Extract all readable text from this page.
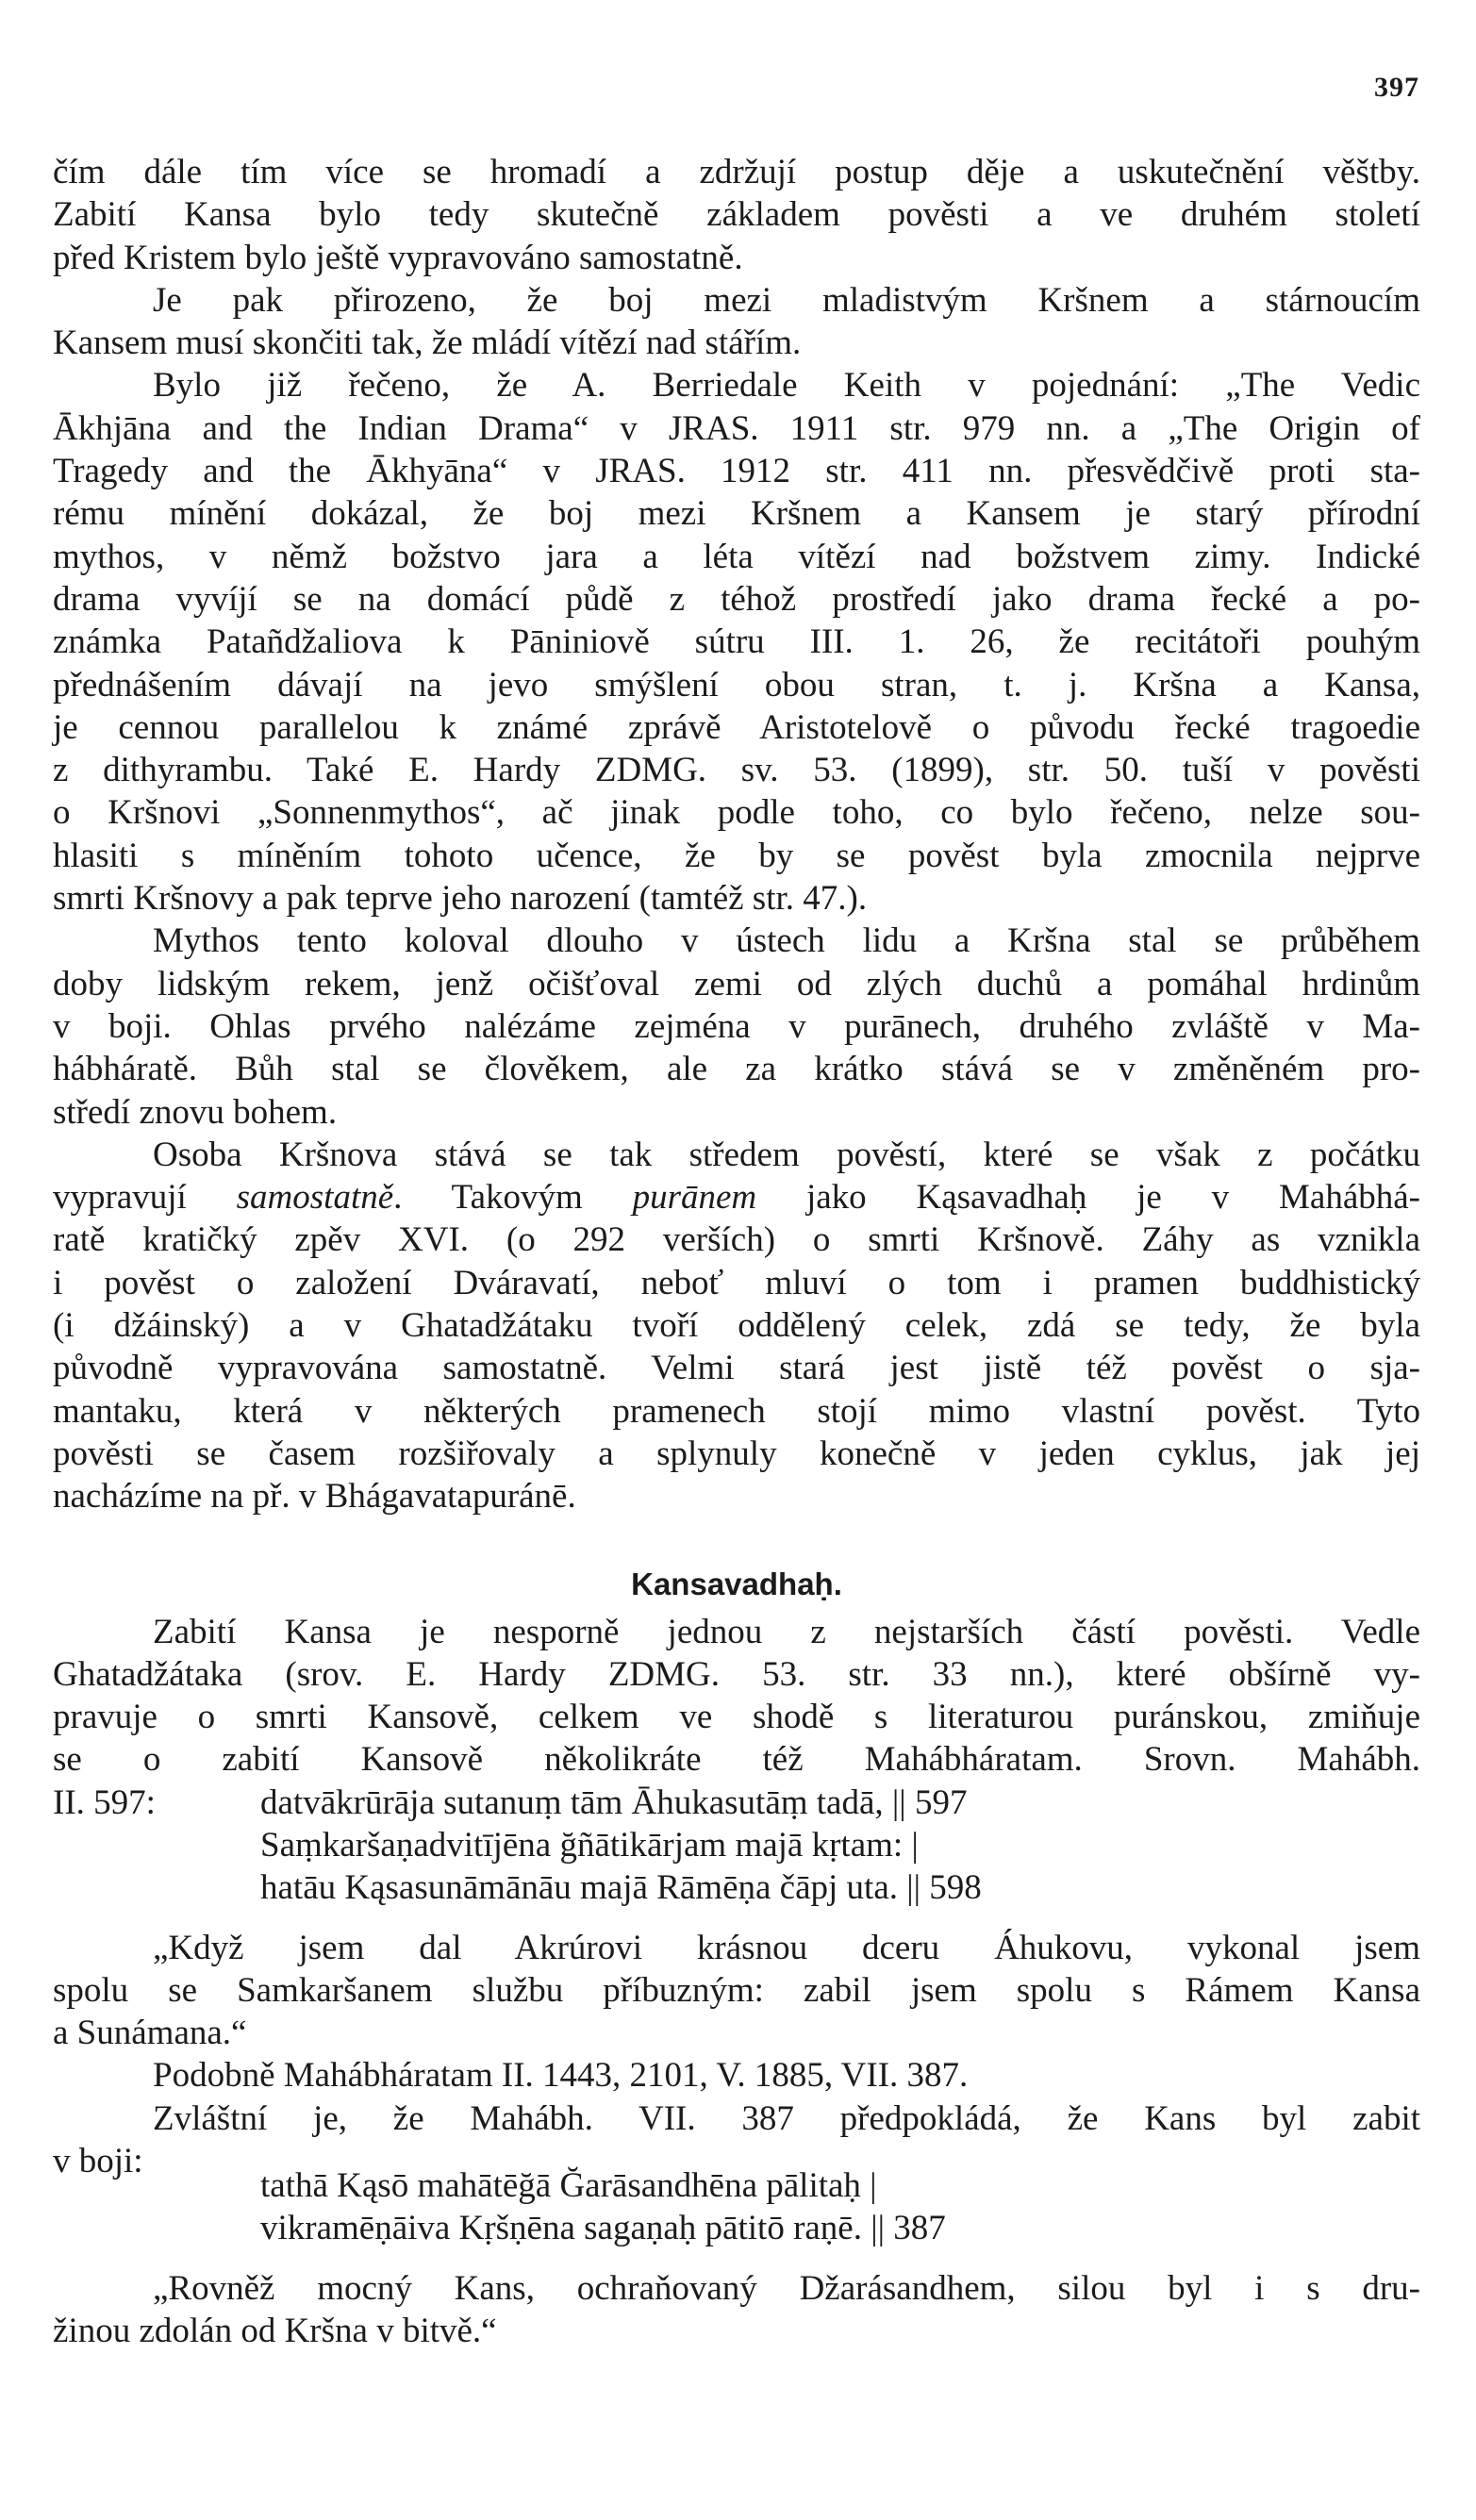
397
čím dále tím více se hromadí a zdržují postup děje a uskutečnění věštby.
Zabití Kansa bylo tedy skutečně základem pověsti a ve druhém století
před Kristem bylo ještě vypravováno samostatně.
Je pak přirozeno, že boj mezi mladistvým Kršnem a stárnoucím
Kansem musí skončiti tak, že mládí vítězí nad stářím.
Bylo již řečeno, že A. Berriedale Keith v pojednání: „The Vedic
Ākhjāna and the Indian Drama“ v JRAS. 1911 str. 979 nn. a „The Origin of
Tragedy and the Ākhyāna“ v JRAS. 1912 str. 411 nn. přesvědčivě proti sta-
rému mínění dokázal, že boj mezi Kršnem a Kansem je starý přírodní
mythos, v němž božstvo jara a léta vítězí nad božstvem zimy. Indické
drama vyvíjí se na domácí půdě z téhož prostředí jako drama řecké a po-
známka Patañdžaliova k Pāniniově sútru III. 1. 26, že recitátoři pouhým
přednášením dávají na jevo smýšlení obou stran, t. j. Kršna a Kansa,
je cennou parallelou k známé zprávě Aristotelově o původu řecké tragoedie
z dithyrambu. Také E. Hardy ZDMG. sv. 53. (1899), str. 50. tuší v pověsti
o Kršnovi „Sonnenmythos“, ač jinak podle toho, co bylo řečeno, nelze sou-
hlasiti s míněním tohoto učence, že by se pověst byla zmocnila nejprve
smrti Kršnovy a pak teprve jeho narození (tamtéž str. 47.).
Mythos tento koloval dlouho v ústech lidu a Kršna stal se průběhem
doby lidským rekem, jenž očišťoval zemi od zlých duchů a pomáhal hrdinům
v boji. Ohlas prvého nalézáme zejména v purānech, druhého zvláště v Ma-
hábháratě. Bůh stal se člověkem, ale za krátko stává se v změněném pro-
středí znovu bohem.
Osoba Kršnova stává se tak středem pověstí, které se však z počátku
vypravují samostatně. Takovým purānem jako Kąsavadhaḥ je v Mahábhá-
ratě kratičký zpěv XVI. (o 292 verších) o smrti Kršnově. Záhy as vznikla
i pověst o založení Dváravatí, neboť mluví o tom i pramen buddhistický
(i džáinský) a v Ghatadžátaku tvoří oddělený celek, zdá se tedy, že byla
původně vypravována samostatně. Velmi stará jest jistě též pověst o sja-
mantaku, která v některých pramenech stojí mimo vlastní pověst. Tyto
pověsti se časem rozšiřovaly a splynuly konečně v jeden cyklus, jak jej
nacházíme na př. v Bhágavatapuránē.
Kansavadhaḥ.
Zabití Kansa je nesporně jednou z nejstarších částí pověsti. Vedle
Ghatadžátaka (srov. E. Hardy ZDMG. 53. str. 33 nn.), které obšírně vy-
pravuje o smrti Kansově, celkem ve shodě s literaturou puránskou, zmiňuje
se o zabití Kansově několikráte též Mahábháratam. Srovn. Mahábh.
II. 597:	datvākrūrāja sutanuṃ tām Āhukasutāṃ tadā, || 597
Saṃkaršaṇadvitījēna ğñātikārjam majā kṛtam: |
hatāu Kąsasunāmānāu majā Rāmēṇa čāpj uta. || 598
„Když jsem dal Akrúrovi krásnou dceru Áhukovu, vykonal jsem
spolu se Samkaršanem službu příbuzným: zabil jsem spolu s Rámem Kansa
a Sunámana.“
Podobně Mahábháratam II. 1443, 2101, V. 1885, VII. 387.
Zvláštní je, že Mahábh. VII. 387 předpokládá, že Kans byl zabit
v boji:
tathā Kąsō mahātēğā Ğarāsandhēna pālitaḥ |
vikramēṇāiva Kṛšṇēna sagaṇaḥ pātitō raṇē. || 387
„Rovněž mocný Kans, ochraňovaný Džarásandhem, silou byl i s dru-
žinou zdolán od Kršna v bitvě.“
